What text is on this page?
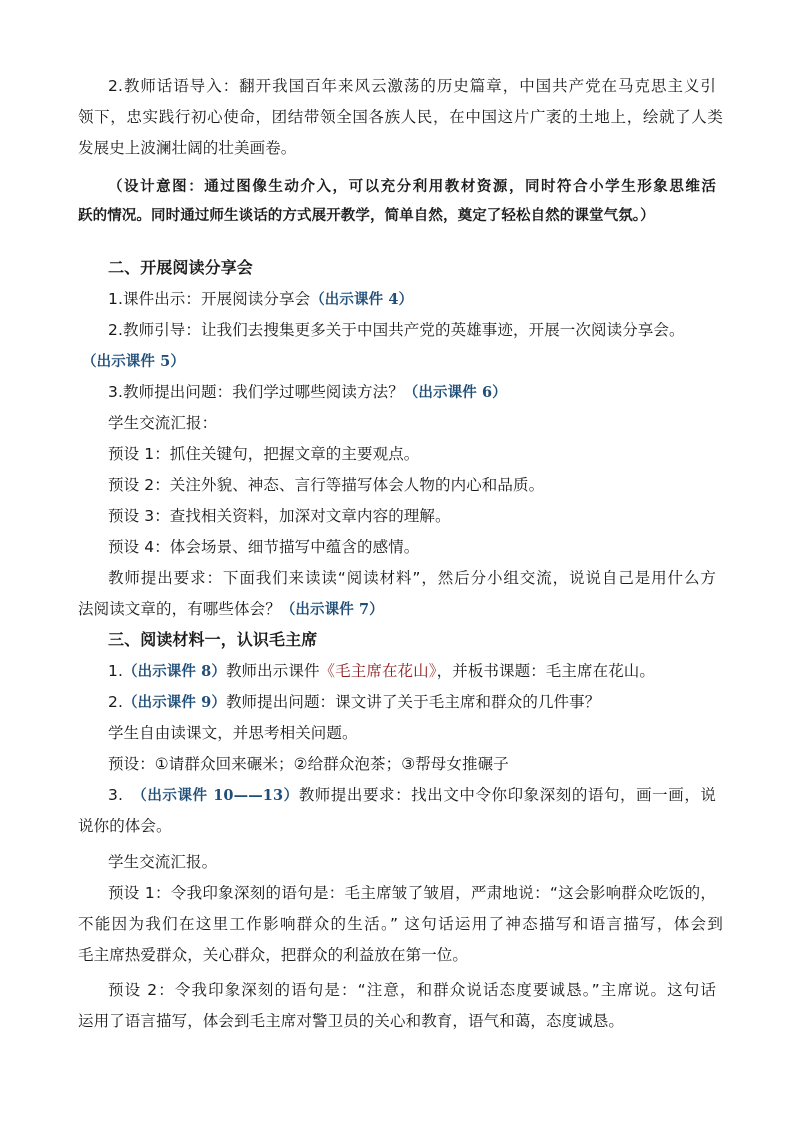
2.教师话语导入：翻开我国百年来风云激荡的历史篇章，中国共产党在马克思主义引
领下，忠实践行初心使命，团结带领全国各族人民，在中国这片广袤的土地上，绘就了人类
发展史上波澜壮阔的壮美画卷。
（设计意图：通过图像生动介入，可以充分利用教材资源，同时符合小学生形象思维活
跃的情况。同时通过师生谈话的方式展开教学，简单自然，奠定了轻松自然的课堂气氛。）
二、开展阅读分享会
1.课件出示：开展阅读分享会（出示课件 4）
2.教师引导：让我们去搜集更多关于中国共产党的英雄事迹，开展一次阅读分享会。
（出示课件 5）
3.教师提出问题：我们学过哪些阅读方法？（出示课件 6）
学生交流汇报：
预设 1：抓住关键句，把握文章的主要观点。
预设 2：关注外貌、神态、言行等描写体会人物的内心和品质。
预设 3：查找相关资料，加深对文章内容的理解。
预设 4：体会场景、细节描写中蕴含的感情。
教师提出要求：下面我们来读读“阅读材料”，然后分小组交流，说说自己是用什么方
法阅读文章的，有哪些体会？（出示课件 7）
三、阅读材料一，认识毛主席
1.（出示课件 8）教师出示课件《毛主席在花山》，并板书课题：毛主席在花山。
2.（出示课件 9）教师提出问题：课文讲了关于毛主席和群众的几件事？
学生自由读课文，并思考相关问题。
预设：①请群众回来碾米；②给群众泡茶；③帮母女推碾子
3.　（出示课件 10——13）教师提出要求：找出文中令你印象深刻的语句，画一画，说
说你的体会。
学生交流汇报。
预设 1：令我印象深刻的语句是：毛主席皱了皱眉，严肃地说：“这会影响群众吃饭的，
不能因为我们在这里工作影响群众的生活。” 这句话运用了神态描写和语言描写，体会到
毛主席热爱群众，关心群众，把群众的利益放在第一位。
预设 2：令我印象深刻的语句是：“注意，和群众说话态度要诚恳。”主席说。这句话
运用了语言描写，体会到毛主席对警卫员的关心和教育，语气和蔼，态度诚恳。
